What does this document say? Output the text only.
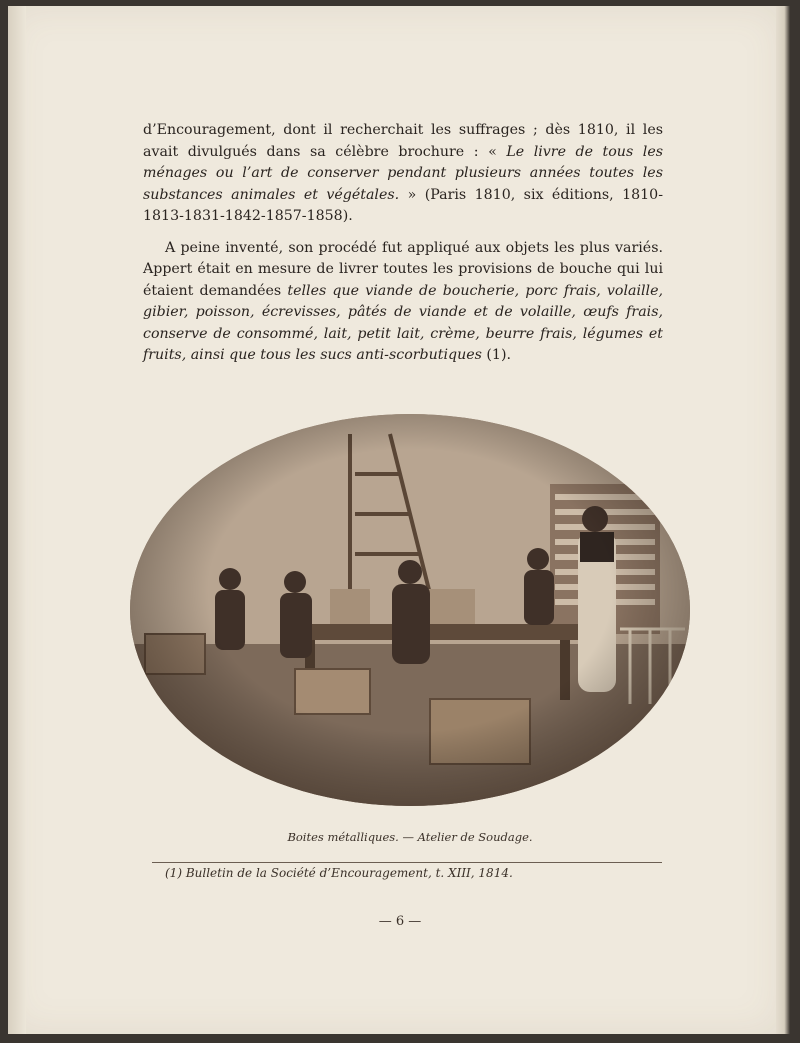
d’Encouragement, dont il recherchait les suffrages ; dès 1810, il les avait divulgués dans sa célèbre brochure : « Le livre de tous les ménages ou l’art de conserver pendant plusieurs années toutes les substances animales et végétales. » (Paris 1810, six éditions, 1810-1813-1831-1842-1857-1858).

A peine inventé, son procédé fut appliqué aux objets les plus variés. Appert était en mesure de livrer toutes les provisions de bouche qui lui étaient demandées telles que viande de boucherie, porc frais, volaille, gibier, poisson, écrevisses, pâtés de viande et de volaille, œufs frais, conserve de consommé, lait, petit lait, crème, beurre frais, légumes et fruits, ainsi que tous les sucs anti-scorbutiques (1).

Boites métalliques. — Atelier de Soudage.
(1) Bulletin de la Société d’Encouragement, t. XIII, 1814.
— 6 —
